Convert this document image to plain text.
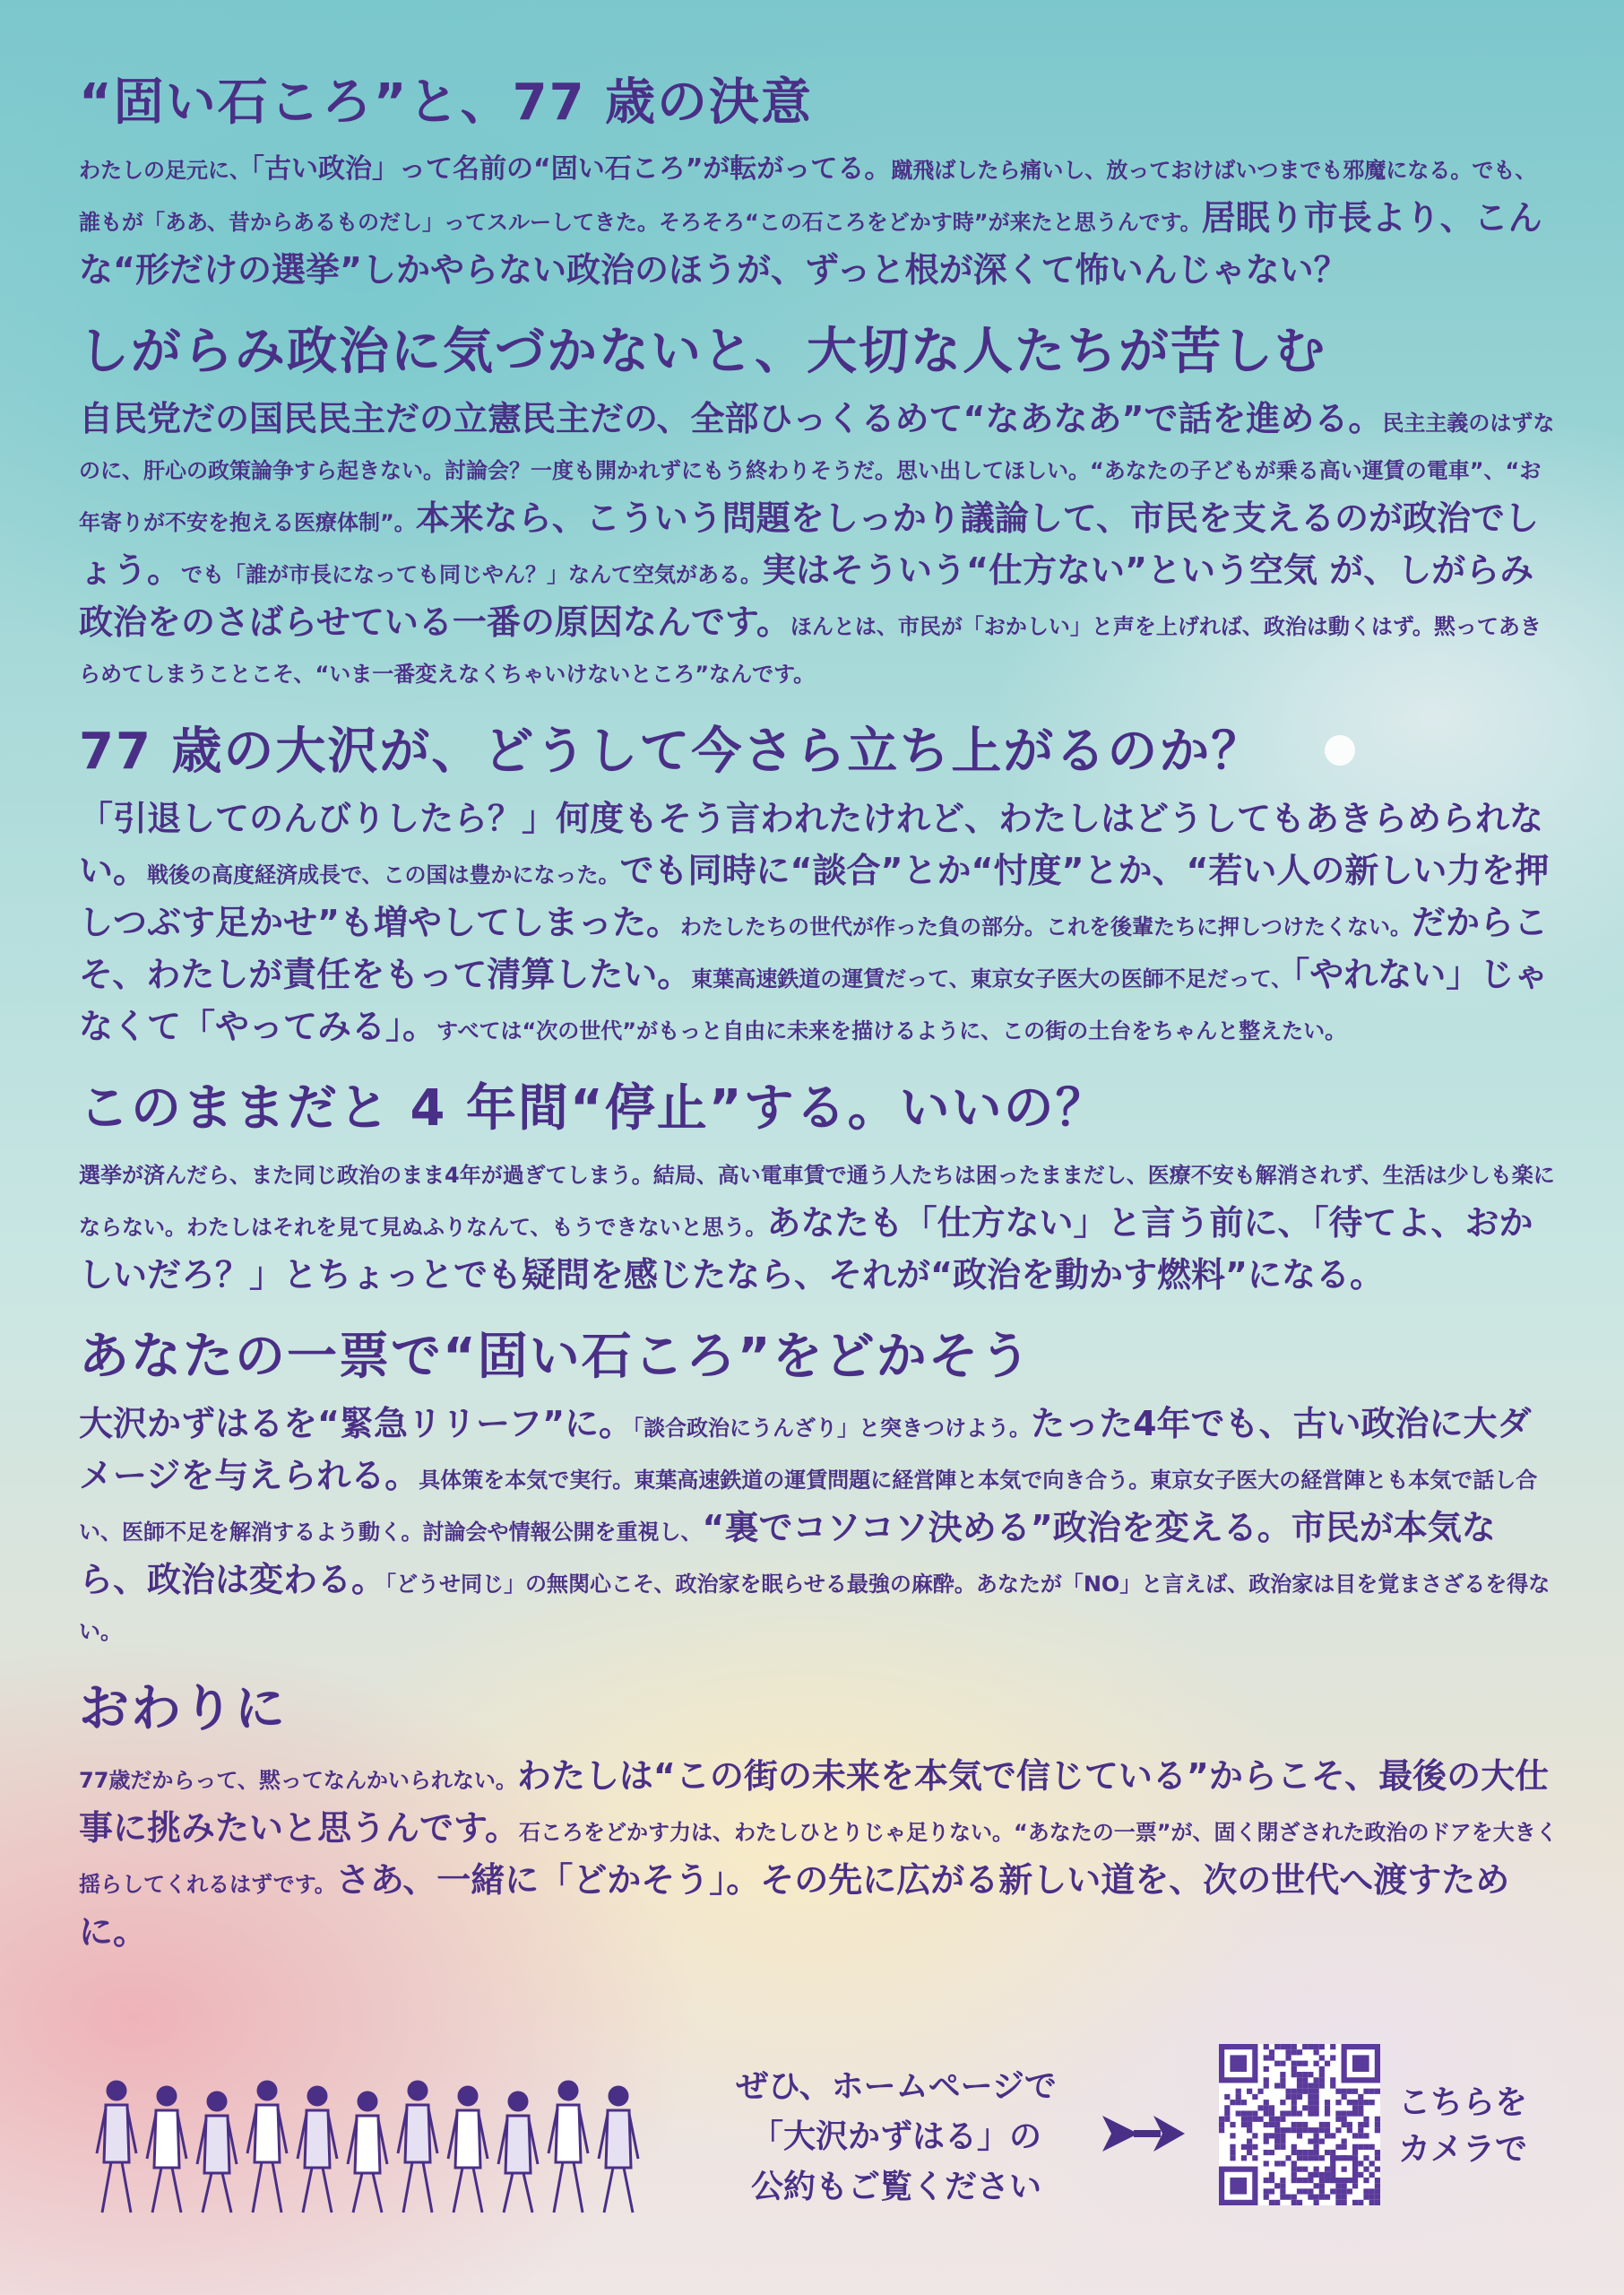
“固い石ころ”と、77 歳の決意

わたしの足元に、「古い政治」って名前の“固い石ころ”が転がってる。蹴飛ばしたら痛いし、放っておけばいつまでも邪魔になる。でも、誰もが「ああ、昔からあるものだし」ってスルーしてきた。そろそろ“この石ころをどかす時”が来たと思うんです。居眠り市長より、こんな“形だけの選挙”しかやらない政治のほうが、ずっと根が深くて怖いんじゃない？

しがらみ政治に気づかないと、大切な人たちが苦しむ

自民党だの国民民主だの立憲民主だの、全部ひっくるめて“なあなあ”で話を進める。民主主義のはずなのに、肝心の政策論争すら起きない。討論会？一度も開かれずにもう終わりそうだ。思い出してほしい。“あなたの子どもが乗る高い運賃の電車”、“お年寄りが不安を抱える医療体制”。本来なら、こういう問題をしっかり議論して、市民を支えるのが政治でしょう。でも「誰が市長になっても同じやん？」なんて空気がある。実はそういう“仕方ない”という空気 が、しがらみ政治をのさばらせている一番の原因なんです。ほんとは、市民が「おかしい」と声を上げれば、政治は動くはず。黙ってあきらめてしまうことこそ、“いま一番変えなくちゃいけないところ”なんです。

77 歳の大沢が、どうして今さら立ち上がるのか？

「引退してのんびりしたら？」何度もそう言われたけれど、わたしはどうしてもあきらめられない。戦後の高度経済成長で、この国は豊かになった。でも同時に“談合”とか“忖度”とか、“若い人の新しい力を押しつぶす足かせ”も増やしてしまった。わたしたちの世代が作った負の部分。これを後輩たちに押しつけたくない。だからこそ、わたしが責任をもって清算したい。東葉高速鉄道の運賃だって、東京女子医大の医師不足だって、「やれない」じゃなくて「やってみる」。すべては“次の世代”がもっと自由に未来を描けるように、この街の土台をちゃんと整えたい。

このままだと 4 年間“停止”する。いいの？

選挙が済んだら、また同じ政治のまま4年が過ぎてしまう。結局、高い電車賃で通う人たちは困ったままだし、医療不安も解消されず、生活は少しも楽にならない。わたしはそれを見て見ぬふりなんて、もうできないと思う。あなたも「仕方ない」と言う前に、「待てよ、おかしいだろ？」とちょっとでも疑問を感じたなら、それが“政治を動かす燃料”になる。

あなたの一票で“固い石ころ”をどかそう

大沢かずはるを“緊急リリーフ”に。「談合政治にうんざり」と突きつけよう。たった4年でも、古い政治に大ダメージを与えられる。具体策を本気で実行。東葉高速鉄道の運賃問題に経営陣と本気で向き合う。東京女子医大の経営陣とも本気で話し合い、医師不足を解消するよう動く。討論会や情報公開を重視し、“裏でコソコソ決める”政治を変える。市民が本気なら、政治は変わる。「どうせ同じ」の無関心こそ、政治家を眠らせる最強の麻酔。あなたが「NO」と言えば、政治家は目を覚まさざるを得ない。

おわりに

77歳だからって、黙ってなんかいられない。わたしは“この街の未来を本気で信じている”からこそ、最後の大仕事に挑みたいと思うんです。石ころをどかす力は、わたしひとりじゃ足りない。“あなたの一票”が、固く閉ざされた政治のドアを大きく揺らしてくれるはずです。さあ、一緒に「どかそう」。その先に広がる新しい道を、次の世代へ渡すために。

ぜひ、ホームページで
「大沢かずはる」の
公約もご覧ください
こちらを
カメラで
